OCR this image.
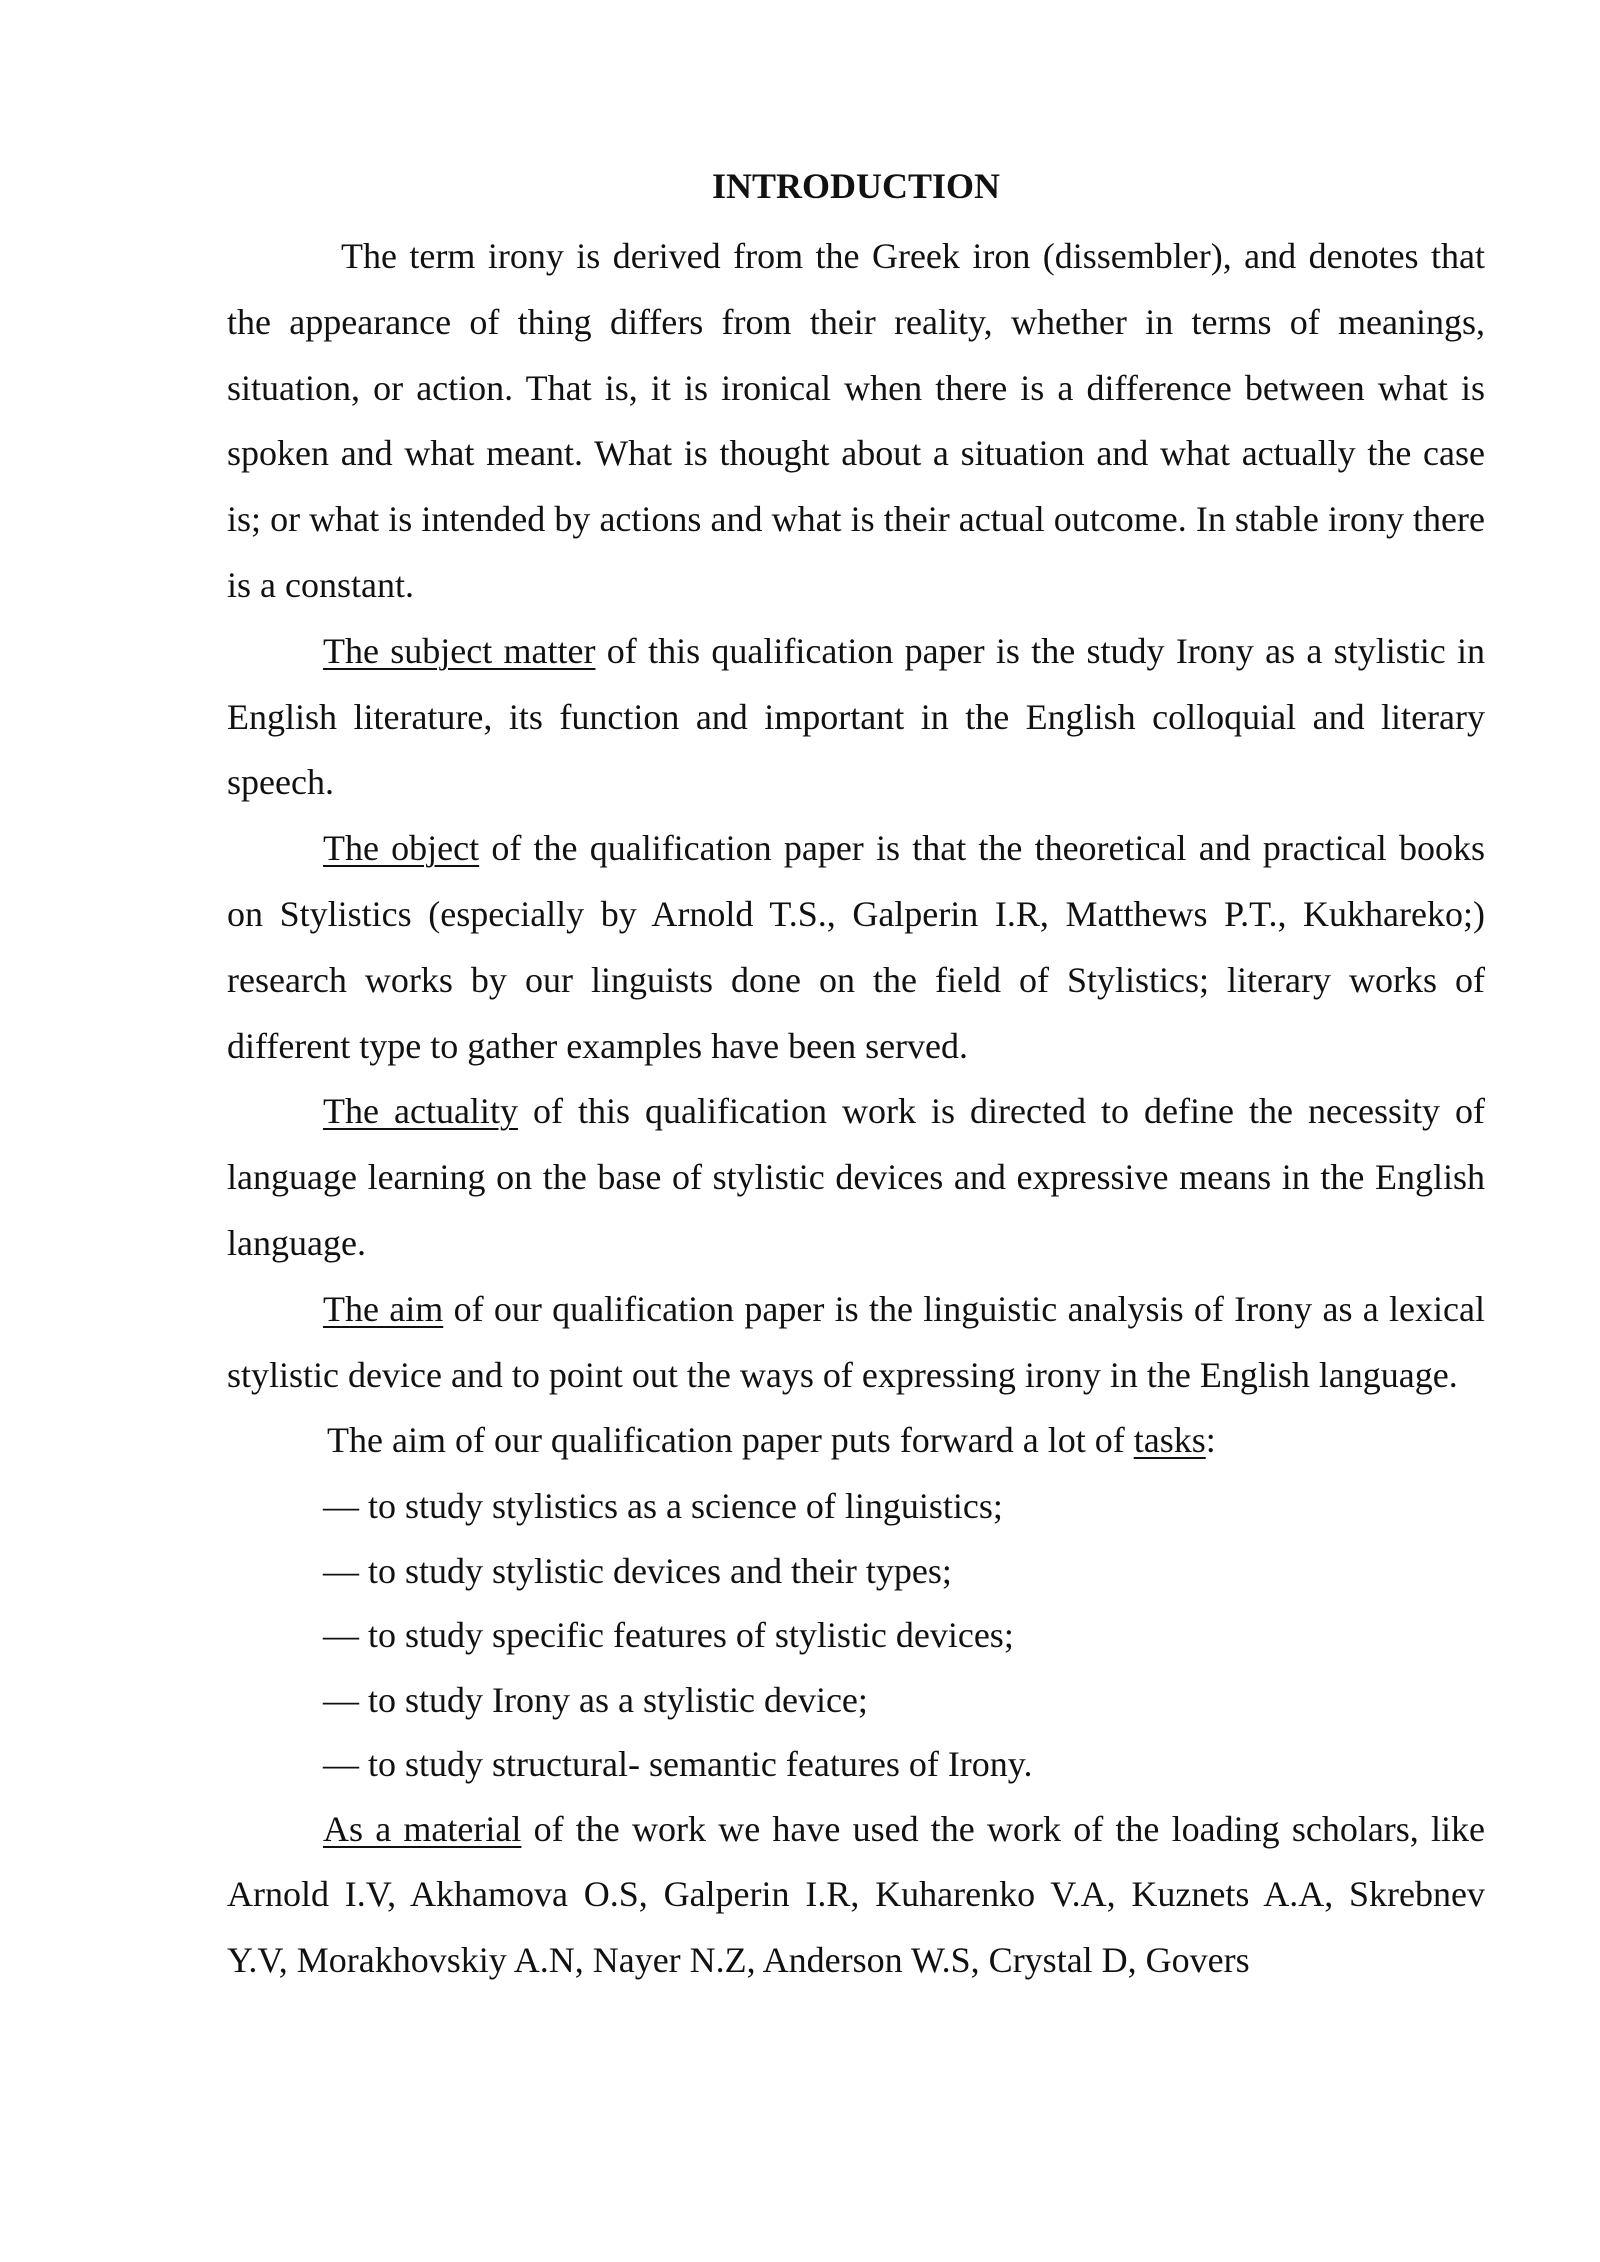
INTRODUCTION

The term irony is derived from the Greek iron (dissembler), and denotes that the appearance of thing differs from their reality, whether in terms of meanings, situation, or action. That is, it is ironical when there is a difference between what is spoken and what meant. What is thought about a situation and what actually the case is; or what is intended by actions and what is their actual outcome. In stable irony there is a constant.

The subject matter of this qualification paper is the study Irony as a stylistic in English literature, its function and important in the English colloquial and literary speech.

The object of the qualification paper is that the theoretical and practical books on Stylistics (especially by Arnold T.S., Galperin I.R, Matthews P.T., Kukhareko;) research works by our linguists done on the field of Stylistics; literary works of different type to gather examples have been served.

The actuality of this qualification work is directed to define the necessity of language learning on the base of stylistic devices and expressive means in the English language.

The aim of our qualification paper is the linguistic analysis of Irony as a lexical stylistic device and to point out the ways of expressing irony in the English language.

The aim of our qualification paper puts forward a lot of tasks:
— to study stylistics as a science of linguistics;
— to study stylistic devices and their types;
— to study specific features of stylistic devices;
— to study Irony as a stylistic device;
— to study structural- semantic features of Irony.

As a material of the work we have used the work of the loading scholars, like Arnold I.V, Akhamova O.S, Galperin I.R, Kuharenko V.A, Kuznets A.A, Skrebnev Y.V, Morakhovskiy A.N, Nayer N.Z, Anderson W.S, Crystal D, Govers
